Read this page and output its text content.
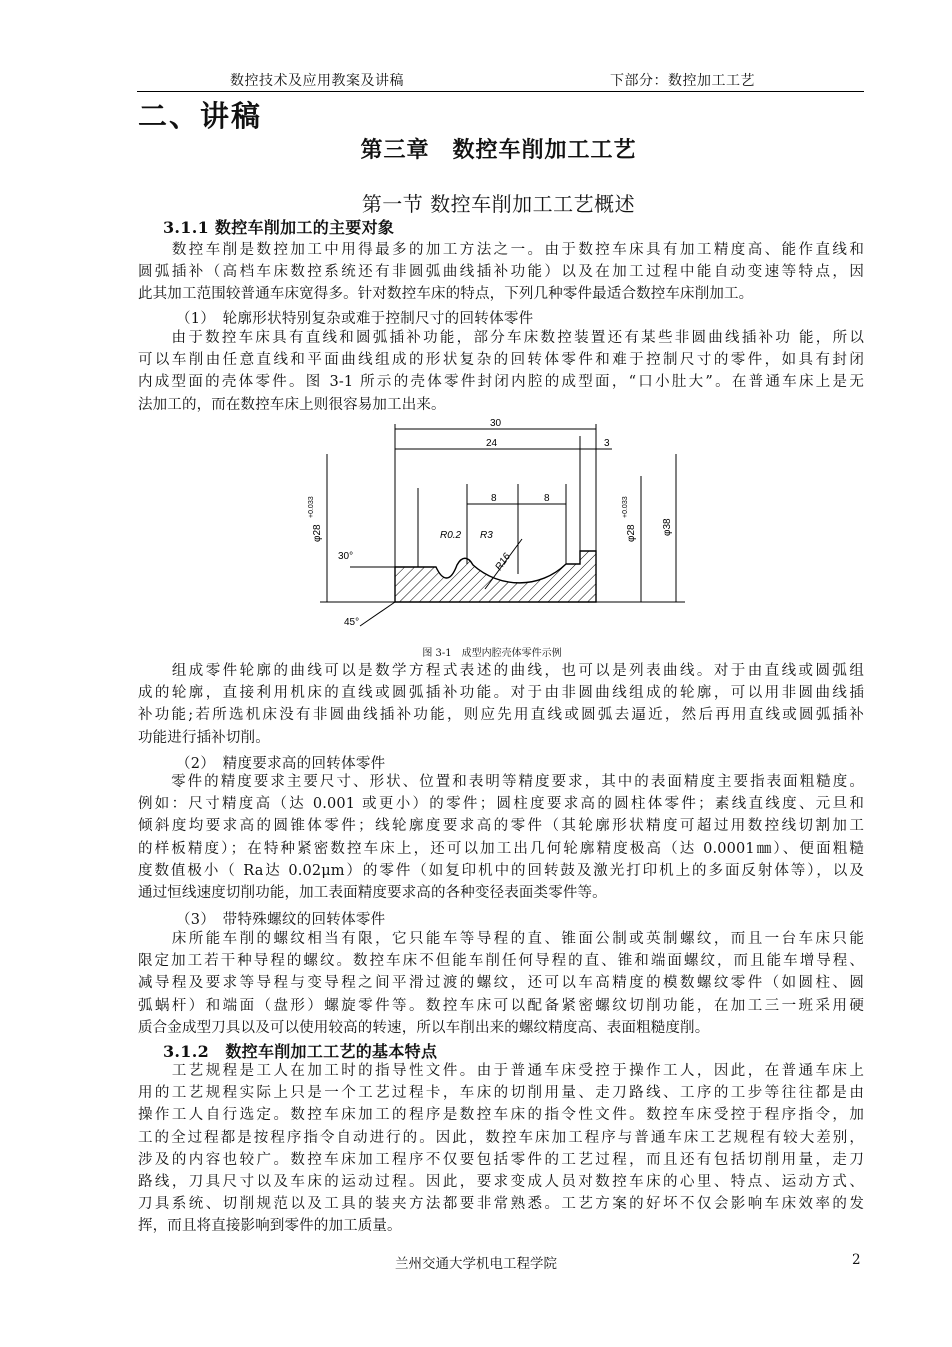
数控技术及应用教案及讲稿	下部分：数控加工工艺
二、讲稿
第三章　数控车削加工工艺
第一节 数控车削加工工艺概述
3.1.1 数控车削加工的主要对象
　　数控车削是数控加工中用得最多的加工方法之一。由于数控车床具有加工精度高、能作直线和
圆弧插补（高档车床数控系统还有非圆弧曲线插补功能）以及在加工过程中能自动变速等特点，因
此其加工范围较普通车床宽得多。针对数控车床的特点，下列几种零件最适合数控车床削加工。
（1）　轮廓形状特别复杂或难于控制尺寸的回转体零件
　　由于数控车床具有直线和圆弧插补功能，部分车床数控装置还有某些非圆曲线插补功 能，所以
可以车削由任意直线和平面曲线组成的形状复杂的回转体零件和难于控制尺寸的零件，如具有封闭
内成型面的壳体零件。图 3-1 所示的壳体零件封闭内腔的成型面，“口小肚大”。在普通车床上是无
法加工的，而在数控车床上则很容易加工出来。
30
24	3
8	8
R0.2 R3
R16
φ28
+0.033
φ28
+0.033
φ38
30°
45°
图 3-1　成型内腔壳体零件示例
　　组成零件轮廓的曲线可以是数学方程式表述的曲线，也可以是列表曲线。对于由直线或圆弧组
成的轮廓，直接利用机床的直线或圆弧插补功能。对于由非圆曲线组成的轮廓，可以用非圆曲线插
补功能;若所选机床没有非圆曲线插补功能，则应先用直线或圆弧去逼近，然后再用直线或圆弧插补
功能进行插补切削。
（2）　精度要求高的回转体零件
　　零件的精度要求主要尺寸、形状、位置和表明等精度要求，其中的表面精度主要指表面粗糙度。
例如：尺寸精度高（达 0.001 或更小）的零件；圆柱度要求高的圆柱体零件；素线直线度、元旦和
倾斜度均要求高的圆锥体零件；线轮廓度要求高的零件（其轮廓形状精度可超过用数控线切割加工
的样板精度）；在特种紧密数控车床上，还可以加工出几何轮廓精度极高（达 0.0001㎜）、便面粗糙
度数值极小（ Ra达 0.02μm）的零件（如复印机中的回转鼓及激光打印机上的多面反射体等），以及
通过恒线速度切削功能，加工表面精度要求高的各种变径表面类零件等。
（3）　带特殊螺纹的回转体零件
　　床所能车削的螺纹相当有限，它只能车等导程的直、锥面公制或英制螺纹，而且一台车床只能
限定加工若干种导程的螺纹。数控车床不但能车削任何导程的直、锥和端面螺纹，而且能车增导程、
减导程及要求等导程与变导程之间平滑过渡的螺纹，还可以车高精度的模数螺纹零件（如圆柱、圆
弧蜗杆）和端面（盘形）螺旋零件等。数控车床可以配备紧密螺纹切削功能，在加工三一班采用硬
质合金成型刀具以及可以使用较高的转速，所以车削出来的螺纹精度高、表面粗糙度削。
3.1.2　数控车削加工工艺的基本特点
　　工艺规程是工人在加工时的指导性文件。由于普通车床受控于操作工人，因此，在普通车床上
用的工艺规程实际上只是一个工艺过程卡，车床的切削用量、走刀路线、工序的工步等往往都是由
操作工人自行选定。数控车床加工的程序是数控车床的指令性文件。数控车床受控于程序指令，加
工的全过程都是按程序指令自动进行的。因此，数控车床加工程序与普通车床工艺规程有较大差别，
涉及的内容也较广。数控车床加工程序不仅要包括零件的工艺过程，而且还有包括切削用量，走刀
路线，刀具尺寸以及车床的运动过程。因此，要求变成人员对数控车床的心里、特点、运动方式、
刀具系统、切削规范以及工具的装夹方法都要非常熟悉。工艺方案的好坏不仅会影响车床效率的发
挥，而且将直接影响到零件的加工质量。
兰州交通大学机电工程学院	2
